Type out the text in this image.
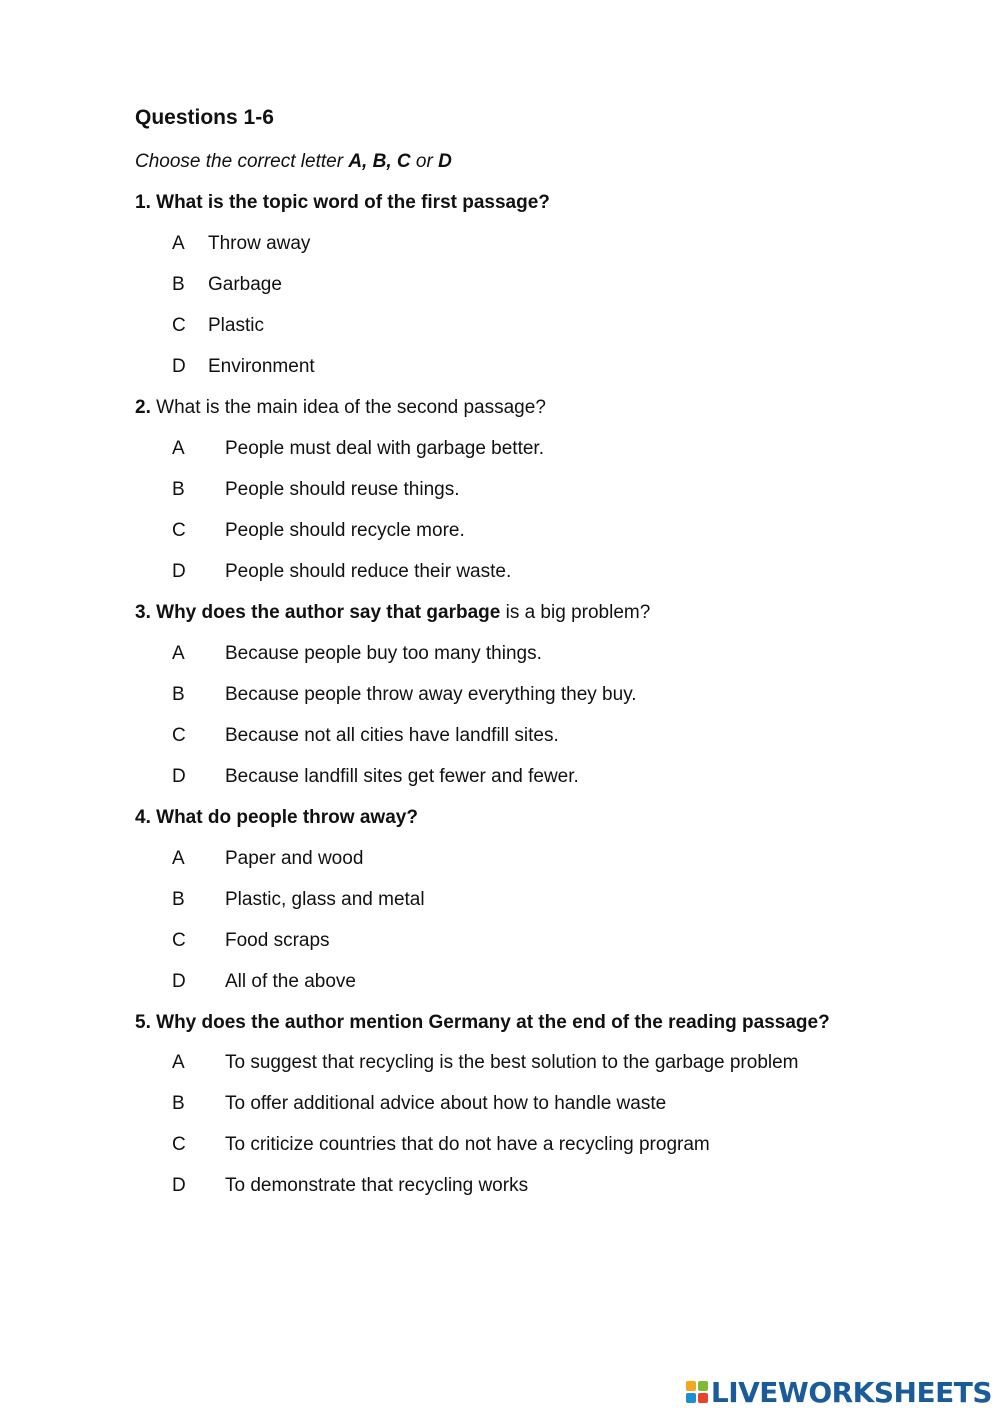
Questions 1-6
Choose the correct letter A, B, C or D
1. What is the topic word of the first passage?
A Throw away
B Garbage
C Plastic
D Environment
2. What is the main idea of the second passage?
A People must deal with garbage better.
B People should reuse things.
C People should recycle more.
D People should reduce their waste.
3. Why does the author say that garbage is a big problem?
A Because people buy too many things.
B Because people throw away everything they buy.
C Because not all cities have landfill sites.
D Because landfill sites get fewer and fewer.
4. What do people throw away?
A Paper and wood
B Plastic, glass and metal
C Food scraps
D All of the above
5. Why does the author mention Germany at the end of the reading passage?
A To suggest that recycling is the best solution to the garbage problem
B To offer additional advice about how to handle waste
C To criticize countries that do not have a recycling program
D To demonstrate that recycling works
LIVEWORKSHEETS
